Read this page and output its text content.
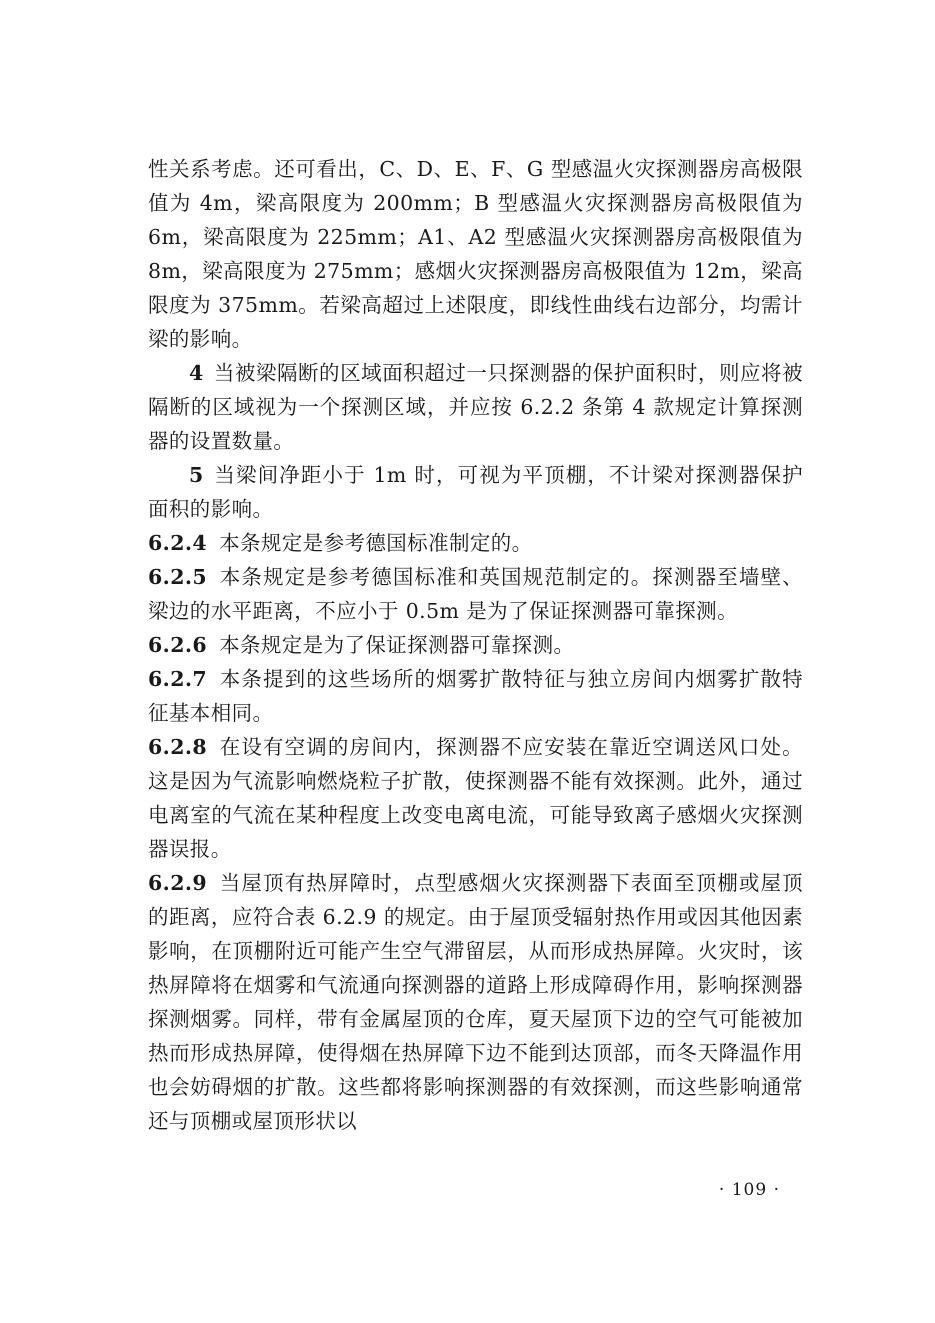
性关系考虑。还可看出，C、D、E、F、G 型感温火灾探测器房高极限值为 4m，梁高限度为 200mm；B 型感温火灾探测器房高极限值为 6m，梁高限度为 225mm；A1、A2 型感温火灾探测器房高极限值为 8m，梁高限度为 275mm；感烟火灾探测器房高极限值为 12m，梁高限度为 375mm。若梁高超过上述限度，即线性曲线右边部分，均需计梁的影响。

4 当被梁隔断的区域面积超过一只探测器的保护面积时，则应将被隔断的区域视为一个探测区域，并应按 6.2.2 条第 4 款规定计算探测器的设置数量。

5 当梁间净距小于 1m 时，可视为平顶棚，不计梁对探测器保护面积的影响。

6.2.4 本条规定是参考德国标准制定的。

6.2.5 本条规定是参考德国标准和英国规范制定的。探测器至墙壁、梁边的水平距离，不应小于 0.5m 是为了保证探测器可靠探测。

6.2.6 本条规定是为了保证探测器可靠探测。

6.2.7 本条提到的这些场所的烟雾扩散特征与独立房间内烟雾扩散特征基本相同。

6.2.8 在设有空调的房间内，探测器不应安装在靠近空调送风口处。这是因为气流影响燃烧粒子扩散，使探测器不能有效探测。此外，通过电离室的气流在某种程度上改变电离电流，可能导致离子感烟火灾探测器误报。

6.2.9 当屋顶有热屏障时，点型感烟火灾探测器下表面至顶棚或屋顶的距离，应符合表 6.2.9 的规定。由于屋顶受辐射热作用或因其他因素影响，在顶棚附近可能产生空气滞留层，从而形成热屏障。火灾时，该热屏障将在烟雾和气流通向探测器的道路上形成障碍作用，影响探测器探测烟雾。同样，带有金属屋顶的仓库，夏天屋顶下边的空气可能被加热而形成热屏障，使得烟在热屏障下边不能到达顶部，而冬天降温作用也会妨碍烟的扩散。这些都将影响探测器的有效探测，而这些影响通常还与顶棚或屋顶形状以

· 109 ·
